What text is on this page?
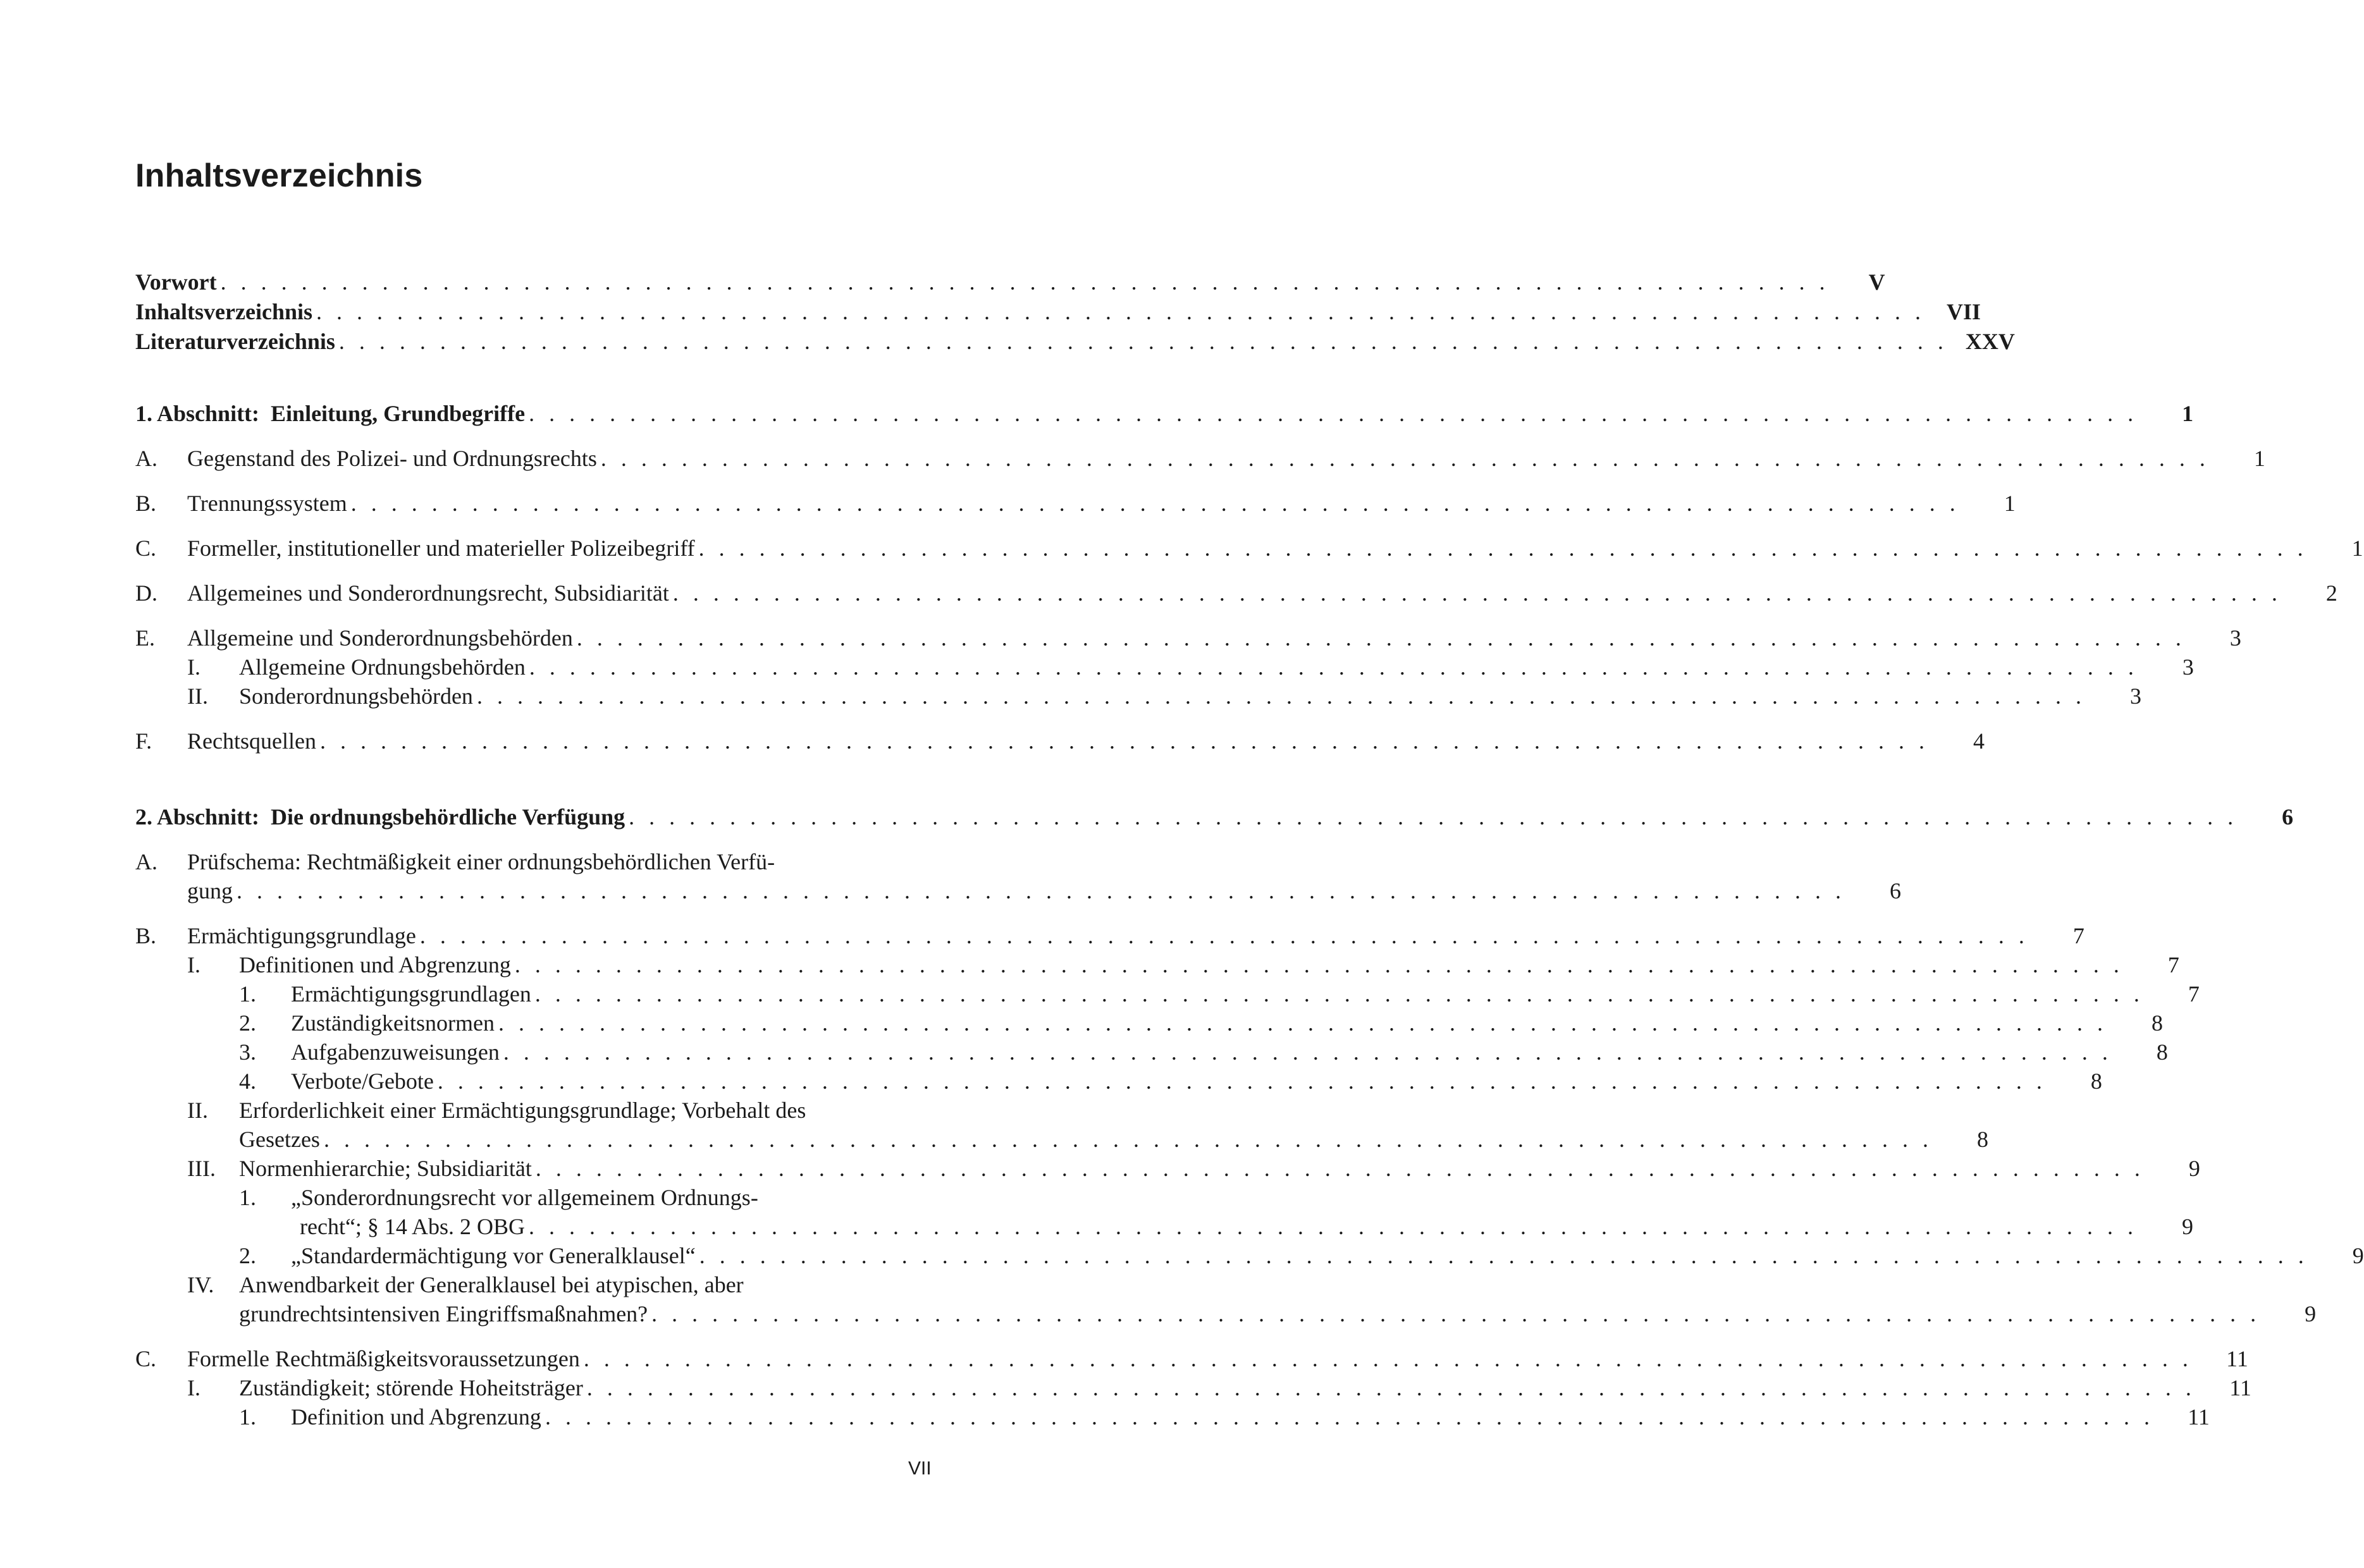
Inhaltsverzeichnis
Vorwort . . . . . . . . . . . . . . . . . . . . . . . . . . . . . . . . . . . . . . . . . . . . . . . . . . . . . . . . . . . . . . . . . . . . . . . . . . . . . . . .	V
Inhaltsverzeichnis . . . . . . . . . . . . . . . . . . . . . . . . . . . . . . . . . . . . . . . . . . . . . . . . . . . . . . . . . . . . . . . . . . . . . . . . . . . . . . . . VII
Literaturverzeichnis . . . . . . . . . . . . . . . . . . . . . . . . . . . . . . . . . . . . . . . . . . . . . . . . . . . . . . . . . . . . . . . . . . . . . . . . . . . . . . . . XXV
1. Abschnitt:  Einleitung, Grundbegriffe . . . . . . . . . . . . . . . . . . . . . . . . . . . . . . . . . . . . . . . . . . . . . . . . . . . . . . . . . . . . . . . . . . . . . . . . . . . . . . . .	1
A. Gegenstand des Polizei- und Ordnungsrechts . . . . . . . . . . . . . . . . . . . . . . . . . . . . . . . . . . . . . . . . . . . . . . . . . . . . . . . . . . . . . . . . . . . . . . . . . . . . . . . .	1
B. Trennungssystem . . . . . . . . . . . . . . . . . . . . . . . . . . . . . . . . . . . . . . . . . . . . . . . . . . . . . . . . . . . . . . . . . . . . . . . . . . . . . . . .	1
C. Formeller, institutioneller und materieller Polizeibegriff . . . . . . . . . . . . . . . . . . . . . . . . . . . . . . . . . . . . . . . . . . . . . . . . . . . . . . . . . . . . . . . . . . . . . . . . . . . . . . . .	1
D. Allgemeines und Sonderordnungsrecht, Subsidiarität . . . . . . . . . . . . . . . . . . . . . . . . . . . . . . . . . . . . . . . . . . . . . . . . . . . . . . . . . . . . . . . . . . . . . . . . . . . . . . . .	2
E. Allgemeine und Sonderordnungsbehörden . . . . . . . . . . . . . . . . . . . . . . . . . . . . . . . . . . . . . . . . . . . . . . . . . . . . . . . . . . . . . . . . . . . . . . . . . . . . . . . .	3
I. Allgemeine Ordnungsbehörden . . . . . . . . . . . . . . . . . . . . . . . . . . . . . . . . . . . . . . . . . . . . . . . . . . . . . . . . . . . . . . . . . . . . . . . . . . . . . . . .	3
II. Sonderordnungsbehörden . . . . . . . . . . . . . . . . . . . . . . . . . . . . . . . . . . . . . . . . . . . . . . . . . . . . . . . . . . . . . . . . . . . . . . . . . . . . . . . .	3
F. Rechtsquellen . . . . . . . . . . . . . . . . . . . . . . . . . . . . . . . . . . . . . . . . . . . . . . . . . . . . . . . . . . . . . . . . . . . . . . . . . . . . . . . .	4
2. Abschnitt:  Die ordnungsbehördliche Verfügung . . . . . . . . . . . . . . . . . . . . . . . . . . . . . . . . . . . . . . . . . . . . . . . . . . . . . . . . . . . . . . . . . . . . . . . . . . . . . . . .	6
A. Prüfschema: Rechtmäßigkeit einer ordnungsbehördlichen Verfü-
gung . . . . . . . . . . . . . . . . . . . . . . . . . . . . . . . . . . . . . . . . . . . . . . . . . . . . . . . . . . . . . . . . . . . . . . . . . . . . . . . .	6
B. Ermächtigungsgrundlage . . . . . . . . . . . . . . . . . . . . . . . . . . . . . . . . . . . . . . . . . . . . . . . . . . . . . . . . . . . . . . . . . . . . . . . . . . . . . . . .	7
I. Definitionen und Abgrenzung . . . . . . . . . . . . . . . . . . . . . . . . . . . . . . . . . . . . . . . . . . . . . . . . . . . . . . . . . . . . . . . . . . . . . . . . . . . . . . . .	7
1. Ermächtigungsgrundlagen . . . . . . . . . . . . . . . . . . . . . . . . . . . . . . . . . . . . . . . . . . . . . . . . . . . . . . . . . . . . . . . . . . . . . . . . . . . . . . . .	7
2. Zuständigkeitsnormen . . . . . . . . . . . . . . . . . . . . . . . . . . . . . . . . . . . . . . . . . . . . . . . . . . . . . . . . . . . . . . . . . . . . . . . . . . . . . . . .	8
3. Aufgabenzuweisungen . . . . . . . . . . . . . . . . . . . . . . . . . . . . . . . . . . . . . . . . . . . . . . . . . . . . . . . . . . . . . . . . . . . . . . . . . . . . . . . .	8
4. Verbote/Gebote . . . . . . . . . . . . . . . . . . . . . . . . . . . . . . . . . . . . . . . . . . . . . . . . . . . . . . . . . . . . . . . . . . . . . . . . . . . . . . . .	8
II. Erforderlichkeit einer Ermächtigungsgrundlage; Vorbehalt des
Gesetzes . . . . . . . . . . . . . . . . . . . . . . . . . . . . . . . . . . . . . . . . . . . . . . . . . . . . . . . . . . . . . . . . . . . . . . . . . . . . . . . .	8
III. Normenhierarchie; Subsidiarität . . . . . . . . . . . . . . . . . . . . . . . . . . . . . . . . . . . . . . . . . . . . . . . . . . . . . . . . . . . . . . . . . . . . . . . . . . . . . . . .	9
1. „Sonderordnungsrecht vor allgemeinem Ordnungs-
recht“; § 14 Abs. 2 OBG . . . . . . . . . . . . . . . . . . . . . . . . . . . . . . . . . . . . . . . . . . . . . . . . . . . . . . . . . . . . . . . . . . . . . . . . . . . . . . . .	9
2. „Standardermächtigung vor Generalklausel“ . . . . . . . . . . . . . . . . . . . . . . . . . . . . . . . . . . . . . . . . . . . . . . . . . . . . . . . . . . . . . . . . . . . . . . . . . . . . . . . .	9
IV. Anwendbarkeit der Generalklausel bei atypischen, aber
grundrechtsintensiven Eingriffsmaßnahmen? . . . . . . . . . . . . . . . . . . . . . . . . . . . . . . . . . . . . . . . . . . . . . . . . . . . . . . . . . . . . . . . . . . . . . . . . . . . . . . . .	9
C. Formelle Rechtmäßigkeitsvoraussetzungen . . . . . . . . . . . . . . . . . . . . . . . . . . . . . . . . . . . . . . . . . . . . . . . . . . . . . . . . . . . . . . . . . . . . . . . . . . . . . . . .	11
I. Zuständigkeit; störende Hoheitsträger . . . . . . . . . . . . . . . . . . . . . . . . . . . . . . . . . . . . . . . . . . . . . . . . . . . . . . . . . . . . . . . . . . . . . . . . . . . . . . . .	11
1. Definition und Abgrenzung . . . . . . . . . . . . . . . . . . . . . . . . . . . . . . . . . . . . . . . . . . . . . . . . . . . . . . . . . . . . . . . . . . . . . . . . . . . . . . . .	11
VII
